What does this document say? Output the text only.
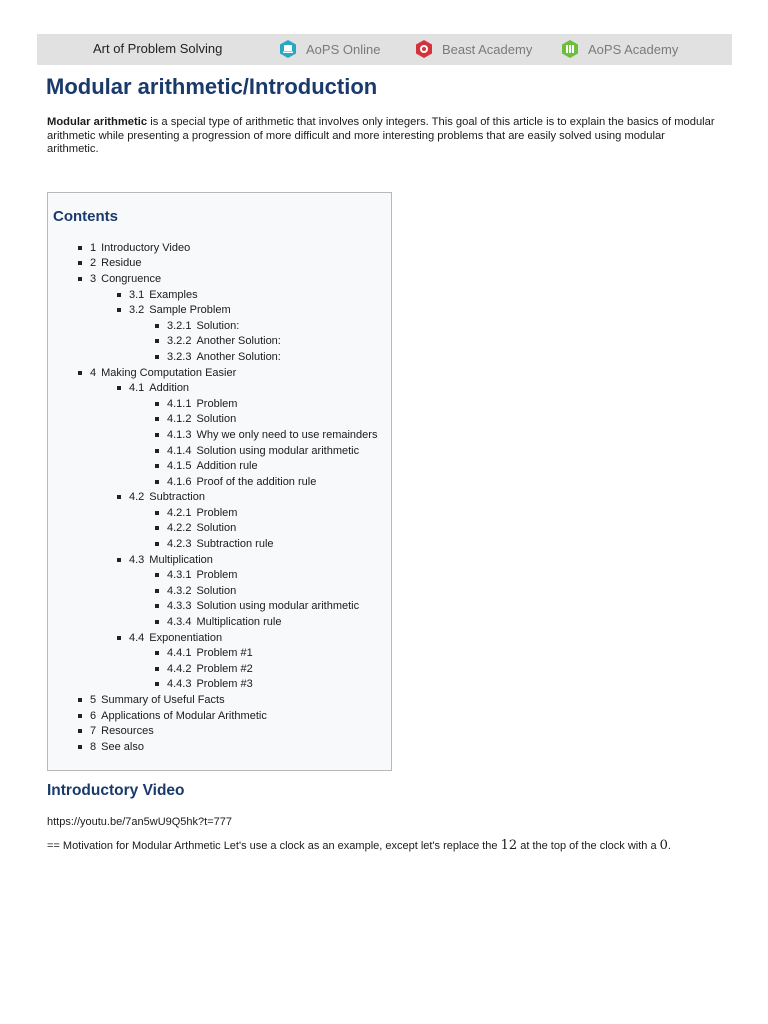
Art of Problem Solving	AoPS Online	Beast Academy	AoPS Academy
Modular arithmetic/Introduction

Modular arithmetic is a special type of arithmetic that involves only integers. This goal of this article is to explain the basics of modular arithmetic while presenting a progression of more difficult and more interesting problems that are easily solved using modular arithmetic.

Contents
1 Introductory Video
2 Residue
3 Congruence
3.1 Examples
3.2 Sample Problem
3.2.1 Solution:
3.2.2 Another Solution:
3.2.3 Another Solution:
4 Making Computation Easier
4.1 Addition
4.1.1 Problem
4.1.2 Solution
4.1.3 Why we only need to use remainders
4.1.4 Solution using modular arithmetic
4.1.5 Addition rule
4.1.6 Proof of the addition rule
4.2 Subtraction
4.2.1 Problem
4.2.2 Solution
4.2.3 Subtraction rule
4.3 Multiplication
4.3.1 Problem
4.3.2 Solution
4.3.3 Solution using modular arithmetic
4.3.4 Multiplication rule
4.4 Exponentiation
4.4.1 Problem #1
4.4.2 Problem #2
4.4.3 Problem #3
5 Summary of Useful Facts
6 Applications of Modular Arithmetic
7 Resources
8 See also
Introductory Video
https://youtu.be/7an5wU9Q5hk?t=777
== Motivation for Modular Arthmetic Let's use a clock as an example, except let's replace the 12 at the top of the clock with a 0.
